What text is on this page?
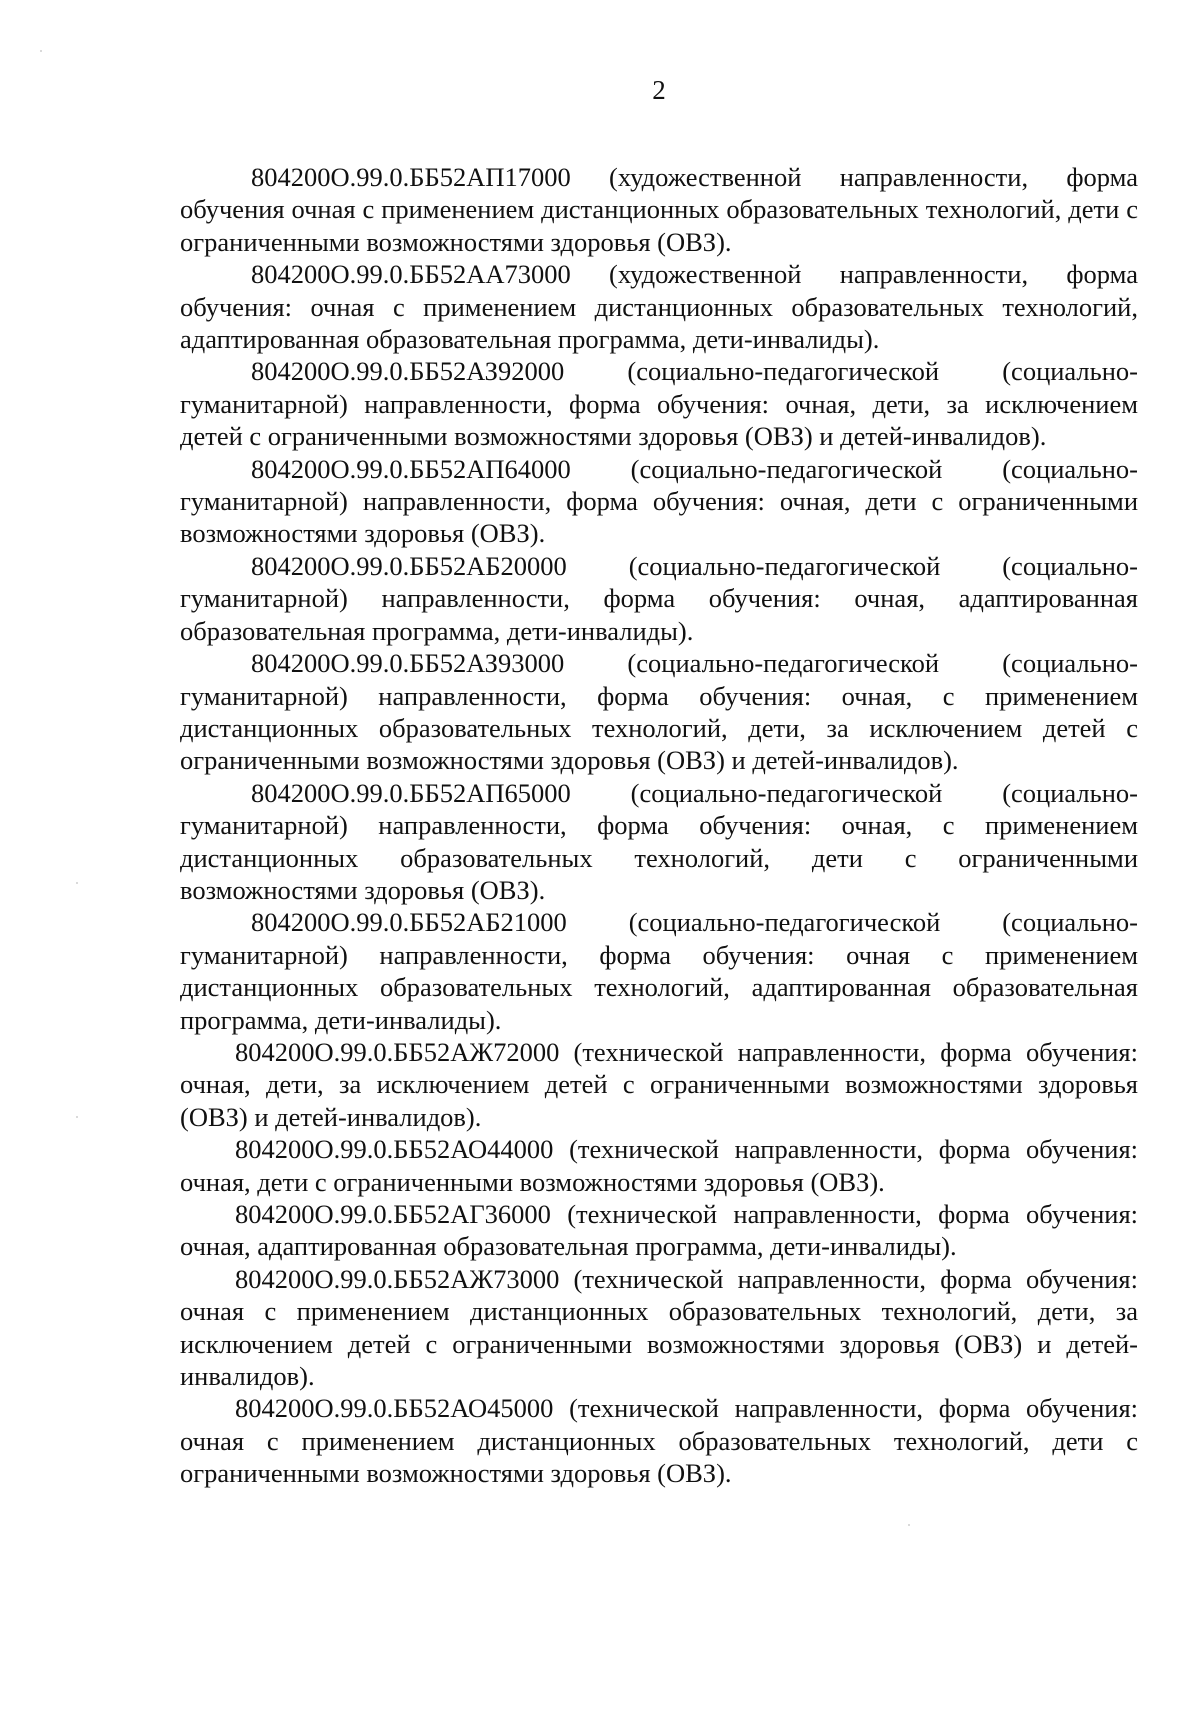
2

804200О.99.0.ББ52АП17000 (художественной направленности, форма обучения очная с применением дистанционных образовательных технологий, дети с ограниченными возможностями здоровья (ОВЗ).

804200О.99.0.ББ52АА73000 (художественной направленности, форма обучения: очная с применением дистанционных образовательных технологий, адаптированная образовательная программа, дети-инвалиды).

804200О.99.0.ББ52АЗ92000 (социально-педагогической (социально-гуманитарной) направленности, форма обучения: очная, дети, за исключением детей с ограниченными возможностями здоровья (ОВЗ) и детей-инвалидов).

804200О.99.0.ББ52АП64000 (социально-педагогической (социально-гуманитарной) направленности, форма обучения: очная, дети с ограниченными возможностями здоровья (ОВЗ).

804200О.99.0.ББ52АБ20000 (социально-педагогической (социально-гуманитарной) направленности, форма обучения: очная, адаптированная образовательная программа, дети-инвалиды).

804200О.99.0.ББ52АЗ93000 (социально-педагогической (социально-гуманитарной) направленности, форма обучения: очная, с применением дистанционных образовательных технологий, дети, за исключением детей с ограниченными возможностями здоровья (ОВЗ) и детей-инвалидов).

804200О.99.0.ББ52АП65000 (социально-педагогической (социально-гуманитарной) направленности, форма обучения: очная, с применением дистанционных образовательных технологий, дети с ограниченными возможностями здоровья (ОВЗ).

804200О.99.0.ББ52АБ21000 (социально-педагогической (социально-гуманитарной) направленности, форма обучения: очная с применением дистанционных образовательных технологий, адаптированная образовательная программа, дети-инвалиды).

804200О.99.0.ББ52АЖ72000 (технической направленности, форма обучения: очная, дети, за исключением детей с ограниченными возможностями здоровья (ОВЗ) и детей-инвалидов).

804200О.99.0.ББ52АО44000 (технической направленности, форма обучения: очная, дети с ограниченными возможностями здоровья (ОВЗ).

804200О.99.0.ББ52АГ36000 (технической направленности, форма обучения: очная, адаптированная образовательная программа, дети-инвалиды).

804200О.99.0.ББ52АЖ73000 (технической направленности, форма обучения: очная с применением дистанционных образовательных технологий, дети, за исключением детей с ограниченными возможностями здоровья (ОВЗ) и детей-инвалидов).

804200О.99.0.ББ52АО45000 (технической направленности, форма обучения: очная с применением дистанционных образовательных технологий, дети с ограниченными возможностями здоровья (ОВЗ).
